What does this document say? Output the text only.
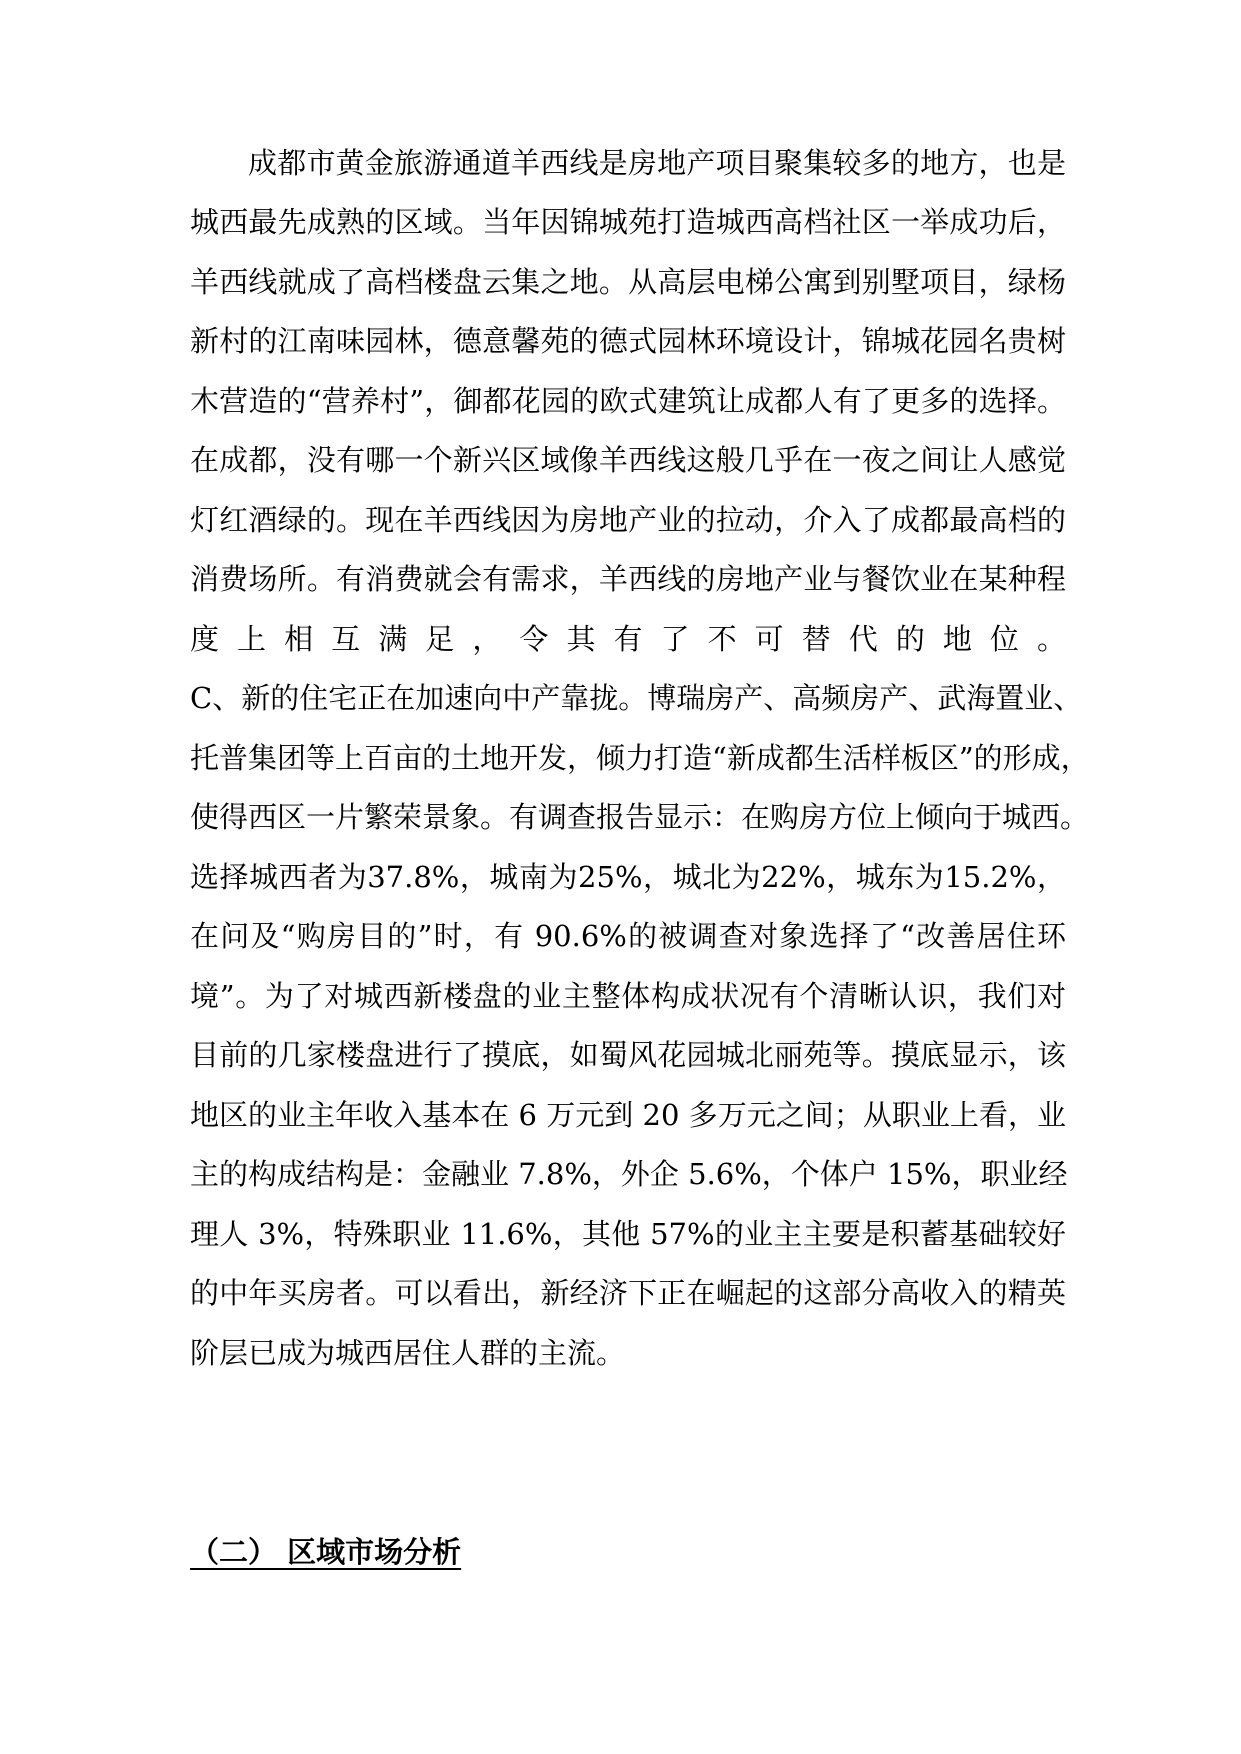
成都市黄金旅游通道羊西线是房地产项目聚集较多的地方，也是
城西最先成熟的区域。当年因锦城苑打造城西高档社区一举成功后，
羊西线就成了高档楼盘云集之地。从高层电梯公寓到别墅项目，绿杨
新村的江南味园林，德意馨苑的德式园林环境设计，锦城花园名贵树
木营造的“营养村”，御都花园的欧式建筑让成都人有了更多的选择。
在成都，没有哪一个新兴区域像羊西线这般几乎在一夜之间让人感觉
灯红酒绿的。现在羊西线因为房地产业的拉动，介入了成都最高档的
消费场所。有消费就会有需求，羊西线的房地产业与餐饮业在某种程
度上相互满足，令其有了不可替代的地位。
C、新的住宅正在加速向中产靠拢。博瑞房产、高频房产、武海置业、
托普集团等上百亩的土地开发，倾力打造“新成都生活样板区”的形成，
使得西区一片繁荣景象。有调查报告显示：在购房方位上倾向于城西。
选择城西者为37.8%，城南为25%，城北为22%，城东为15.2%，
在问及“购房目的”时，有 90.6%的被调查对象选择了“改善居住环
境”。为了对城西新楼盘的业主整体构成状况有个清晰认识，我们对
目前的几家楼盘进行了摸底，如蜀风花园城北丽苑等。摸底显示，该
地区的业主年收入基本在 6 万元到 20 多万元之间；从职业上看，业
主的构成结构是：金融业 7.8%，外企 5.6%，个体户 15%，职业经
理人 3%，特殊职业 11.6%，其他 57%的业主主要是积蓄基础较好
的中年买房者。可以看出，新经济下正在崛起的这部分高收入的精英
阶层已成为城西居住人群的主流。
（二） 区域市场分析
